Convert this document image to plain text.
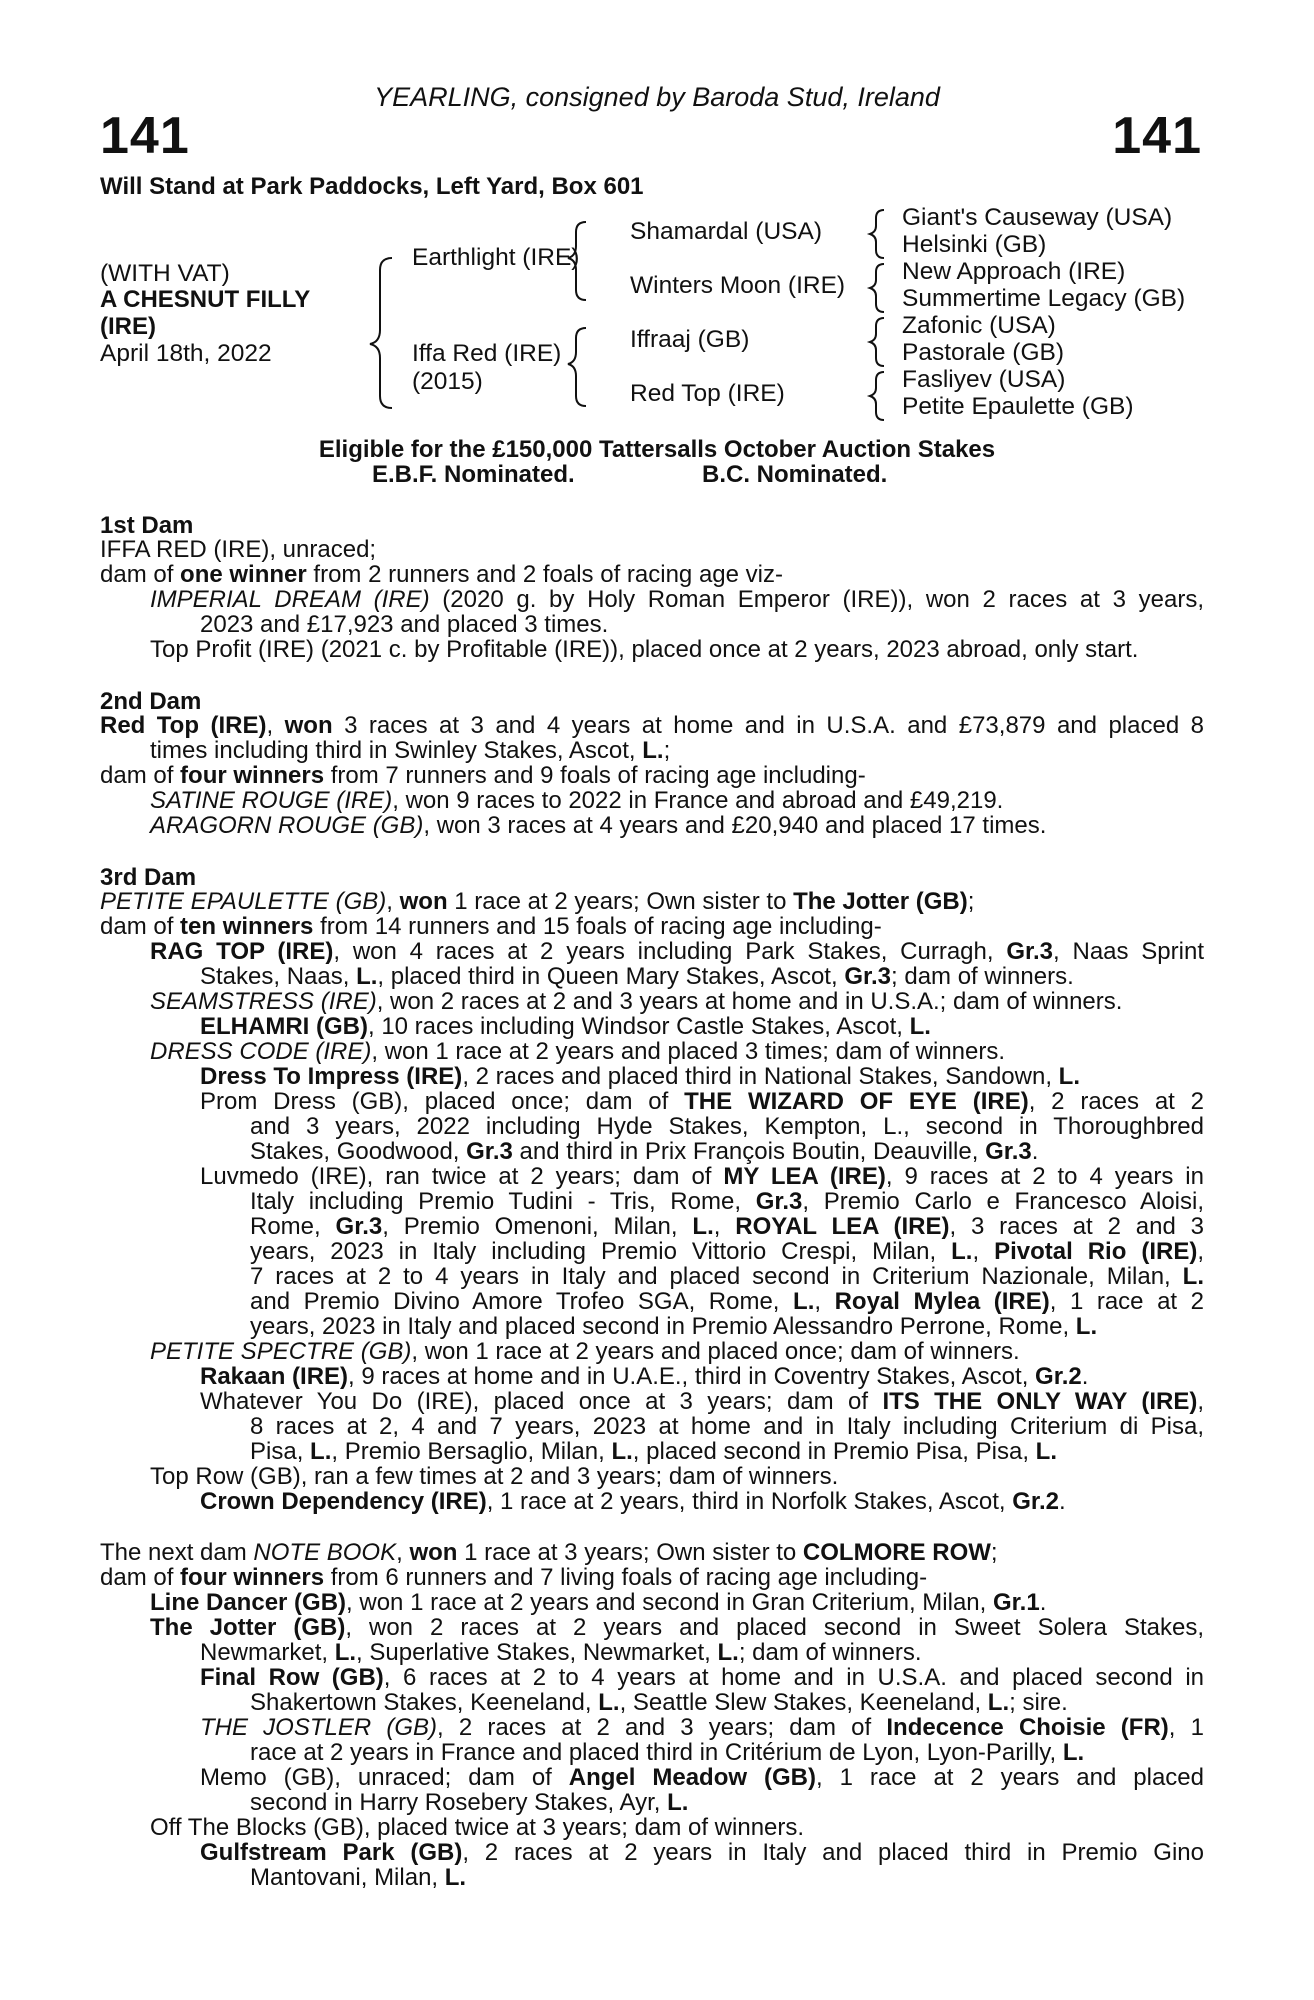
YEARLING, consigned by Baroda Stud, Ireland
141	141
Will Stand at Park Paddocks, Left Yard, Box 601
(WITH VAT)
A CHESNUT FILLY
(IRE)
April 18th, 2022
Earthlight (IRE)
Iffa Red (IRE)
(2015)
Shamardal (USA)
Winters Moon (IRE)
Iffraaj (GB)
Red Top (IRE)
Giant's Causeway (USA)
Helsinki (GB)
New Approach (IRE)
Summertime Legacy (GB)
Zafonic (USA)
Pastorale (GB)
Fasliyev (USA)
Petite Epaulette (GB)
Eligible for the £150,000 Tattersalls October Auction Stakes
E.B.F. Nominated.	B.C. Nominated.
1st Dam
IFFA RED (IRE), unraced;
dam of one winner from 2 runners and 2 foals of racing age viz-
IMPERIAL DREAM (IRE) (2020 g. by Holy Roman Emperor (IRE)), won 2 races at 3 years,
2023 and £17,923 and placed 3 times.
Top Profit (IRE) (2021 c. by Profitable (IRE)), placed once at 2 years, 2023 abroad, only start.
2nd Dam
Red Top (IRE), won 3 races at 3 and 4 years at home and in U.S.A. and £73,879 and placed 8
times including third in Swinley Stakes, Ascot, L.;
dam of four winners from 7 runners and 9 foals of racing age including-
SATINE ROUGE (IRE), won 9 races to 2022 in France and abroad and £49,219.
ARAGORN ROUGE (GB), won 3 races at 4 years and £20,940 and placed 17 times.
3rd Dam
PETITE EPAULETTE (GB), won 1 race at 2 years; Own sister to The Jotter (GB);
dam of ten winners from 14 runners and 15 foals of racing age including-
RAG TOP (IRE), won 4 races at 2 years including Park Stakes, Curragh, Gr.3, Naas Sprint
Stakes, Naas, L., placed third in Queen Mary Stakes, Ascot, Gr.3; dam of winners.
SEAMSTRESS (IRE), won 2 races at 2 and 3 years at home and in U.S.A.; dam of winners.
ELHAMRI (GB), 10 races including Windsor Castle Stakes, Ascot, L.
DRESS CODE (IRE), won 1 race at 2 years and placed 3 times; dam of winners.
Dress To Impress (IRE), 2 races and placed third in National Stakes, Sandown, L.
Prom Dress (GB), placed once; dam of THE WIZARD OF EYE (IRE), 2 races at 2
and 3 years, 2022 including Hyde Stakes, Kempton, L., second in Thoroughbred
Stakes, Goodwood, Gr.3 and third in Prix François Boutin, Deauville, Gr.3.
Luvmedo (IRE), ran twice at 2 years; dam of MY LEA (IRE), 9 races at 2 to 4 years in
Italy including Premio Tudini - Tris, Rome, Gr.3, Premio Carlo e Francesco Aloisi,
Rome, Gr.3, Premio Omenoni, Milan, L., ROYAL LEA (IRE), 3 races at 2 and 3
years, 2023 in Italy including Premio Vittorio Crespi, Milan, L., Pivotal Rio (IRE),
7 races at 2 to 4 years in Italy and placed second in Criterium Nazionale, Milan, L.
and Premio Divino Amore Trofeo SGA, Rome, L., Royal Mylea (IRE), 1 race at 2
years, 2023 in Italy and placed second in Premio Alessandro Perrone, Rome, L.
PETITE SPECTRE (GB), won 1 race at 2 years and placed once; dam of winners.
Rakaan (IRE), 9 races at home and in U.A.E., third in Coventry Stakes, Ascot, Gr.2.
Whatever You Do (IRE), placed once at 3 years; dam of ITS THE ONLY WAY (IRE),
8 races at 2, 4 and 7 years, 2023 at home and in Italy including Criterium di Pisa,
Pisa, L., Premio Bersaglio, Milan, L., placed second in Premio Pisa, Pisa, L.
Top Row (GB), ran a few times at 2 and 3 years; dam of winners.
Crown Dependency (IRE), 1 race at 2 years, third in Norfolk Stakes, Ascot, Gr.2.
The next dam NOTE BOOK, won 1 race at 3 years; Own sister to COLMORE ROW;
dam of four winners from 6 runners and 7 living foals of racing age including-
Line Dancer (GB), won 1 race at 2 years and second in Gran Criterium, Milan, Gr.1.
The Jotter (GB), won 2 races at 2 years and placed second in Sweet Solera Stakes,
Newmarket, L., Superlative Stakes, Newmarket, L.; dam of winners.
Final Row (GB), 6 races at 2 to 4 years at home and in U.S.A. and placed second in
Shakertown Stakes, Keeneland, L., Seattle Slew Stakes, Keeneland, L.; sire.
THE JOSTLER (GB), 2 races at 2 and 3 years; dam of Indecence Choisie (FR), 1
race at 2 years in France and placed third in Critérium de Lyon, Lyon-Parilly, L.
Memo (GB), unraced; dam of Angel Meadow (GB), 1 race at 2 years and placed
second in Harry Rosebery Stakes, Ayr, L.
Off The Blocks (GB), placed twice at 3 years; dam of winners.
Gulfstream Park (GB), 2 races at 2 years in Italy and placed third in Premio Gino
Mantovani, Milan, L.
